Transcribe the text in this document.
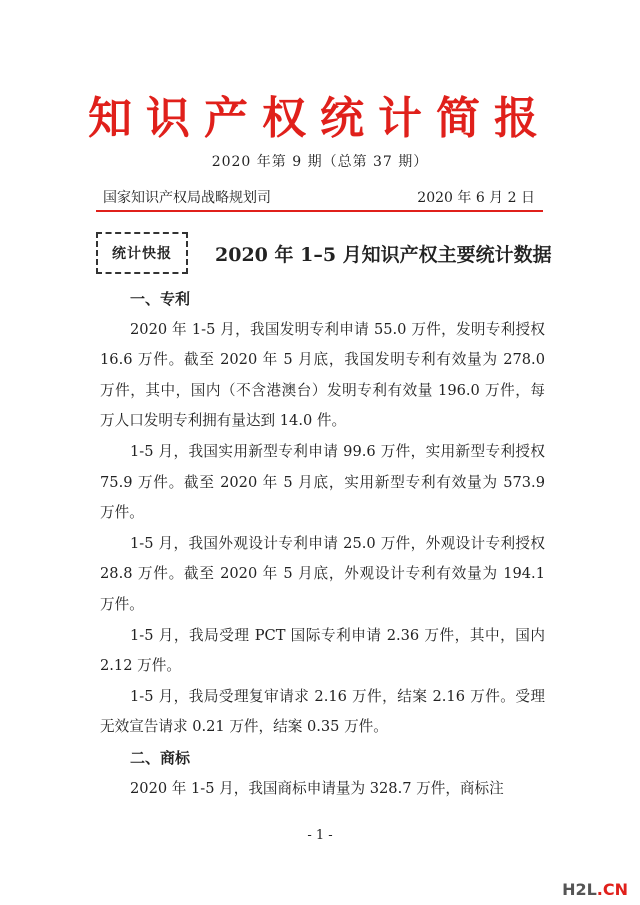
知识产权统计简报
2020 年第 9 期（总第 37 期）
国家知识产权局战略规划司	2020 年 6 月 2 日
统计快报	2020 年 1–5 月知识产权主要统计数据
一、专利

2020 年 1-5 月，我国发明专利申请 55.0 万件，发明专利授权 16.6 万件。截至 2020 年 5 月底，我国发明专利有效量为 278.0 万件，其中，国内（不含港澳台）发明专利有效量 196.0 万件，每万人口发明专利拥有量达到 14.0 件。

1-5 月，我国实用新型专利申请 99.6 万件，实用新型专利授权 75.9 万件。截至 2020 年 5 月底，实用新型专利有效量为 573.9 万件。

1-5 月，我国外观设计专利申请 25.0 万件，外观设计专利授权 28.8 万件。截至 2020 年 5 月底，外观设计专利有效量为 194.1 万件。

1-5 月，我局受理 PCT 国际专利申请 2.36 万件，其中，国内 2.12 万件。

1-5 月，我局受理复审请求 2.16 万件，结案 2.16 万件。受理无效宣告请求 0.21 万件，结案 0.35 万件。

二、商标

2020 年 1-5 月，我国商标申请量为 328.7 万件，商标注

- 1 -
H2L.CN
